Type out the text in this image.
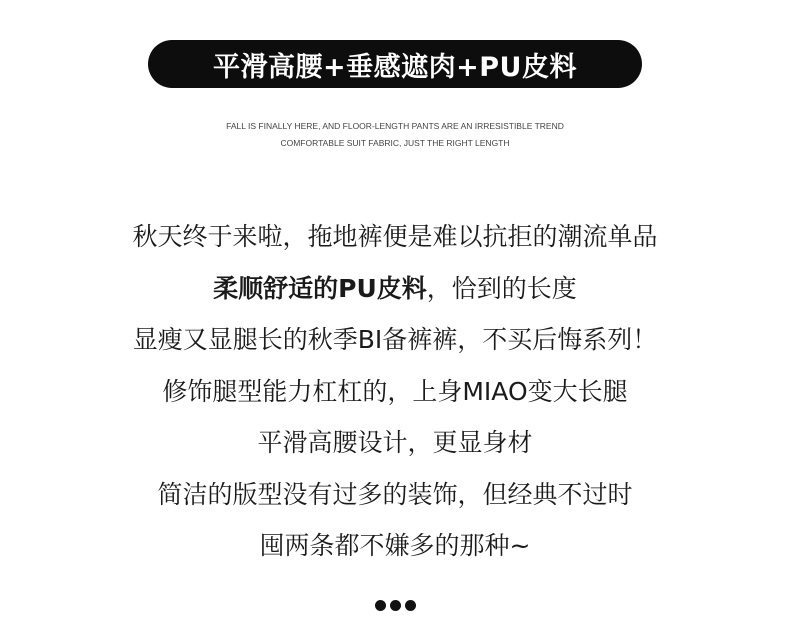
平滑高腰+垂感遮肉+PU皮料
FALL IS FINALLY HERE, AND FLOOR-LENGTH PANTS ARE AN IRRESISTIBLE TREND
COMFORTABLE SUIT FABRIC, JUST THE RIGHT LENGTH
秋天终于来啦，拖地裤便是难以抗拒的潮流单品
柔顺舒适的PU皮料，恰到的长度
显瘦又显腿长的秋季BI备裤裤，不买后悔系列！
修饰腿型能力杠杠的，上身MIAO变大长腿
平滑高腰设计，更显身材
简洁的版型没有过多的装饰，但经典不过时
囤两条都不嫌多的那种~
